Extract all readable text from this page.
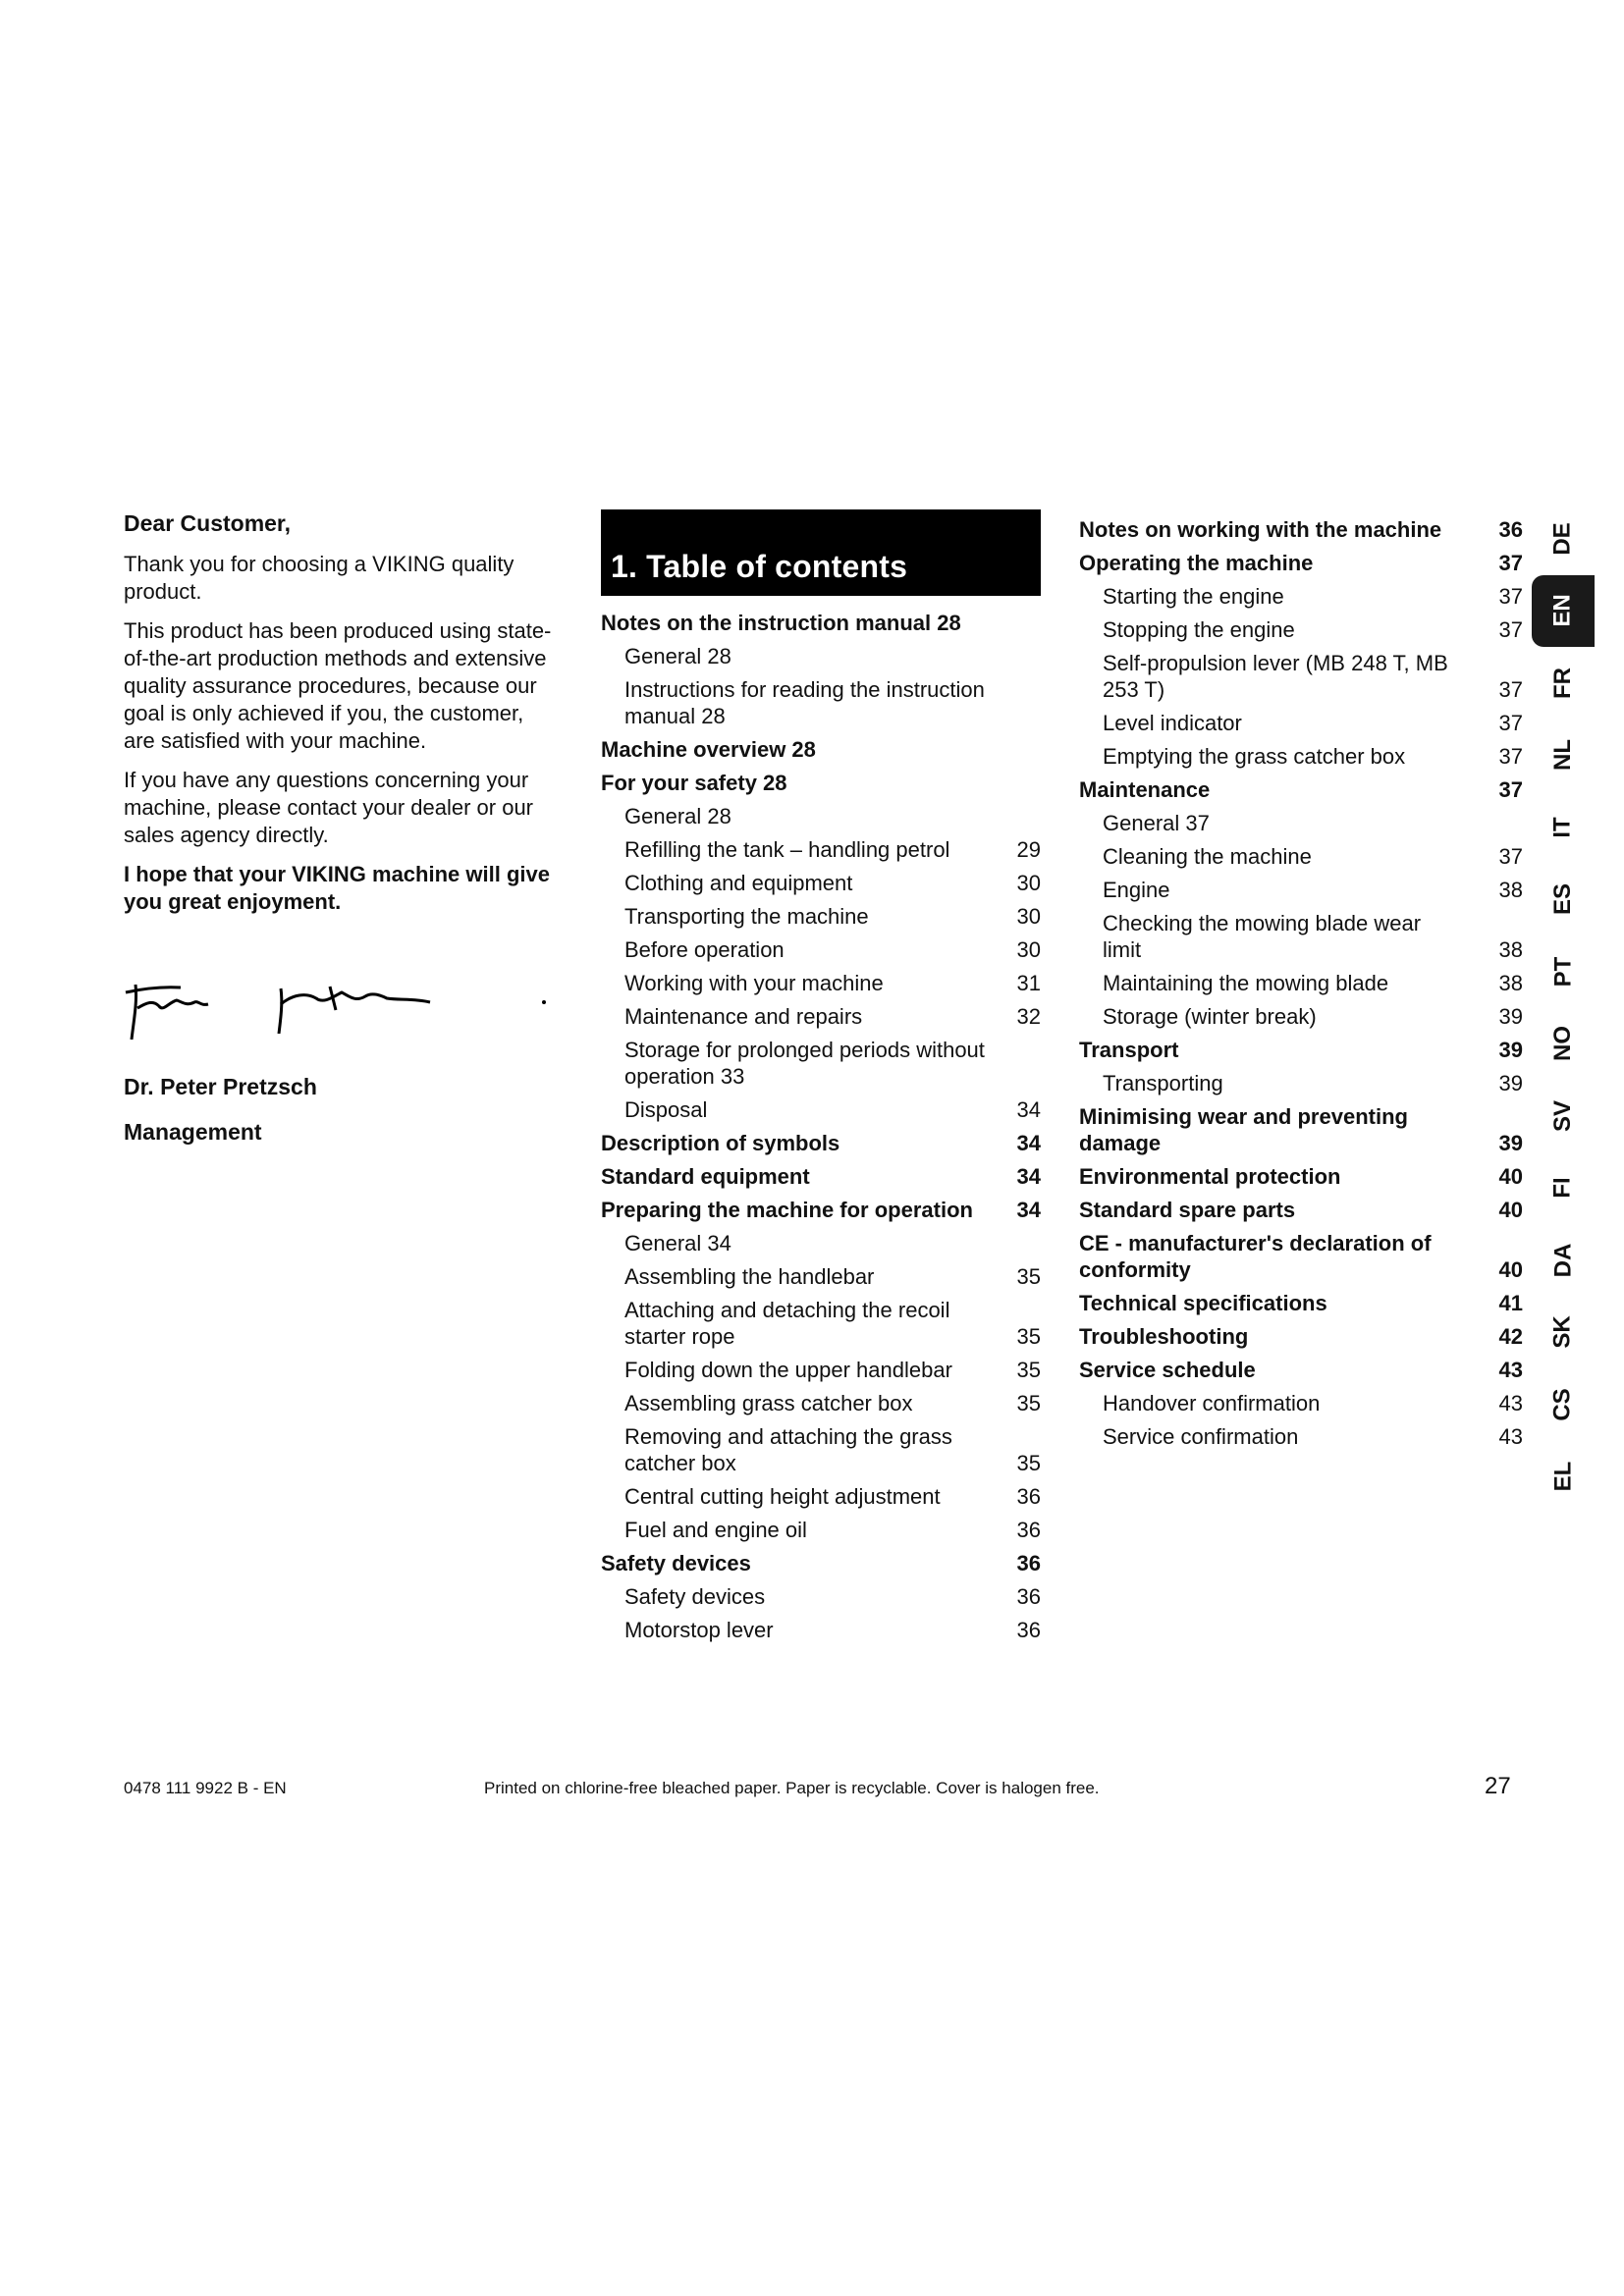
Dear Customer,

Thank you for choosing a VIKING quality product.

This product has been produced using state-of-the-art production methods and extensive quality assurance procedures, because our goal is only achieved if you, the customer, are satisfied with your machine.

If you have any questions concerning your machine, please contact your dealer or our sales agency directly.

I hope that your VIKING machine will give you great enjoyment.

Dr. Peter Pretzsch

Management

1. Table of contents
Notes on the instruction manual 28
General 28
Instructions for reading the instruction manual 28
Machine overview 28
For your safety 28
General 28
Refilling the tank – handling petrol	29
Clothing and equipment	30
Transporting the machine	30
Before operation	30
Working with your machine	31
Maintenance and repairs	32
Storage for prolonged periods without operation 33
Disposal	34
Description of symbols	34
Standard equipment	34
Preparing the machine for operation	34
General 34
Assembling the handlebar	35
Attaching and detaching the recoil starter rope	35
Folding down the upper handlebar	35
Assembling grass catcher box	35
Removing and attaching the grass catcher box	35
Central cutting height adjustment	36
Fuel and engine oil	36
Safety devices	36
Safety devices	36
Motorstop lever	36
Notes on working with the machine	36
Operating the machine	37
Starting the engine	37
Stopping the engine	37
Self-propulsion lever (MB 248 T, MB 253 T)	37
Level indicator	37
Emptying the grass catcher box	37
Maintenance	37
General 37
Cleaning the machine	37
Engine	38
Checking the mowing blade wear limit	38
Maintaining the mowing blade	38
Storage (winter break)	39
Transport	39
Transporting	39
Minimising wear and preventing damage	39
Environmental protection	40
Standard spare parts	40
CE - manufacturer's declaration of conformity	40
Technical specifications	41
Troubleshooting	42
Service schedule	43
Handover confirmation	43
Service confirmation	43
DE
EN
FR
NL
IT
ES
PT
NO
SV
FI
DA
SK
CS
EL
0478 111 9922 B - EN	Printed on chlorine-free bleached paper. Paper is recyclable. Cover is halogen free.	27
